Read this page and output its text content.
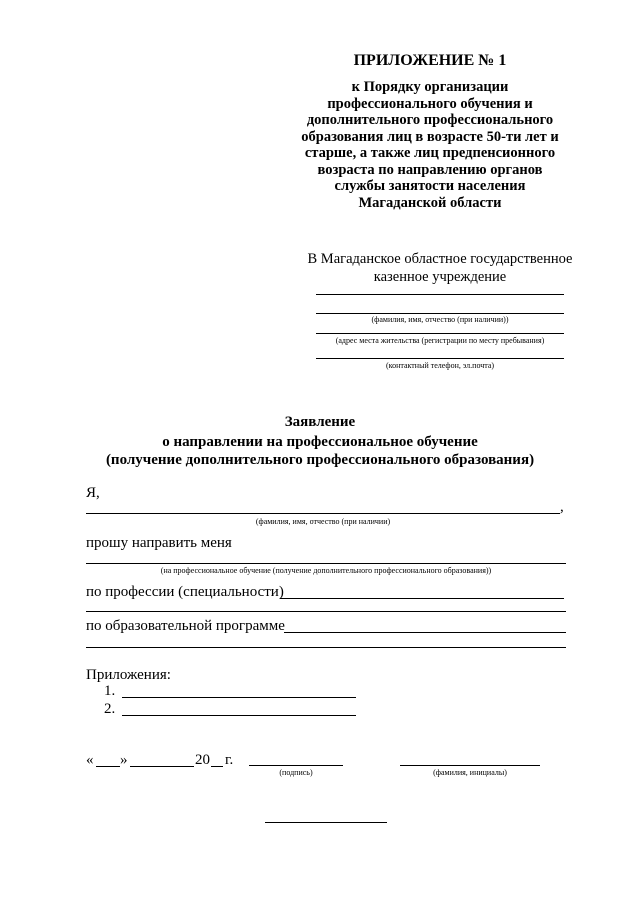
ПРИЛОЖЕНИЕ № 1
к Порядку организации профессионального обучения и дополнительного профессионального образования лиц в возрасте 50-ти лет и старше, а также лиц предпенсионного возраста по направлению органов службы занятости населения Магаданской области
В Магаданское областное государственное казенное учреждение
(фамилия, имя, отчество (при наличии))
(адрес места жительства (регистрации по месту пребывания)
(контактный телефон, эл.почта)
Заявление
о направлении на профессиональное обучение
(получение дополнительного профессионального образования)
Я,
,
(фамилия, имя, отчество (при наличии)
прошу направить меня
(на профессиональное обучение (получение дополнительного профессионального образования))
по профессии (специальности)
по образовательной программе
Приложения:
1.
2.
« »	20 г.
(подпись)	(фамилия, инициалы)
